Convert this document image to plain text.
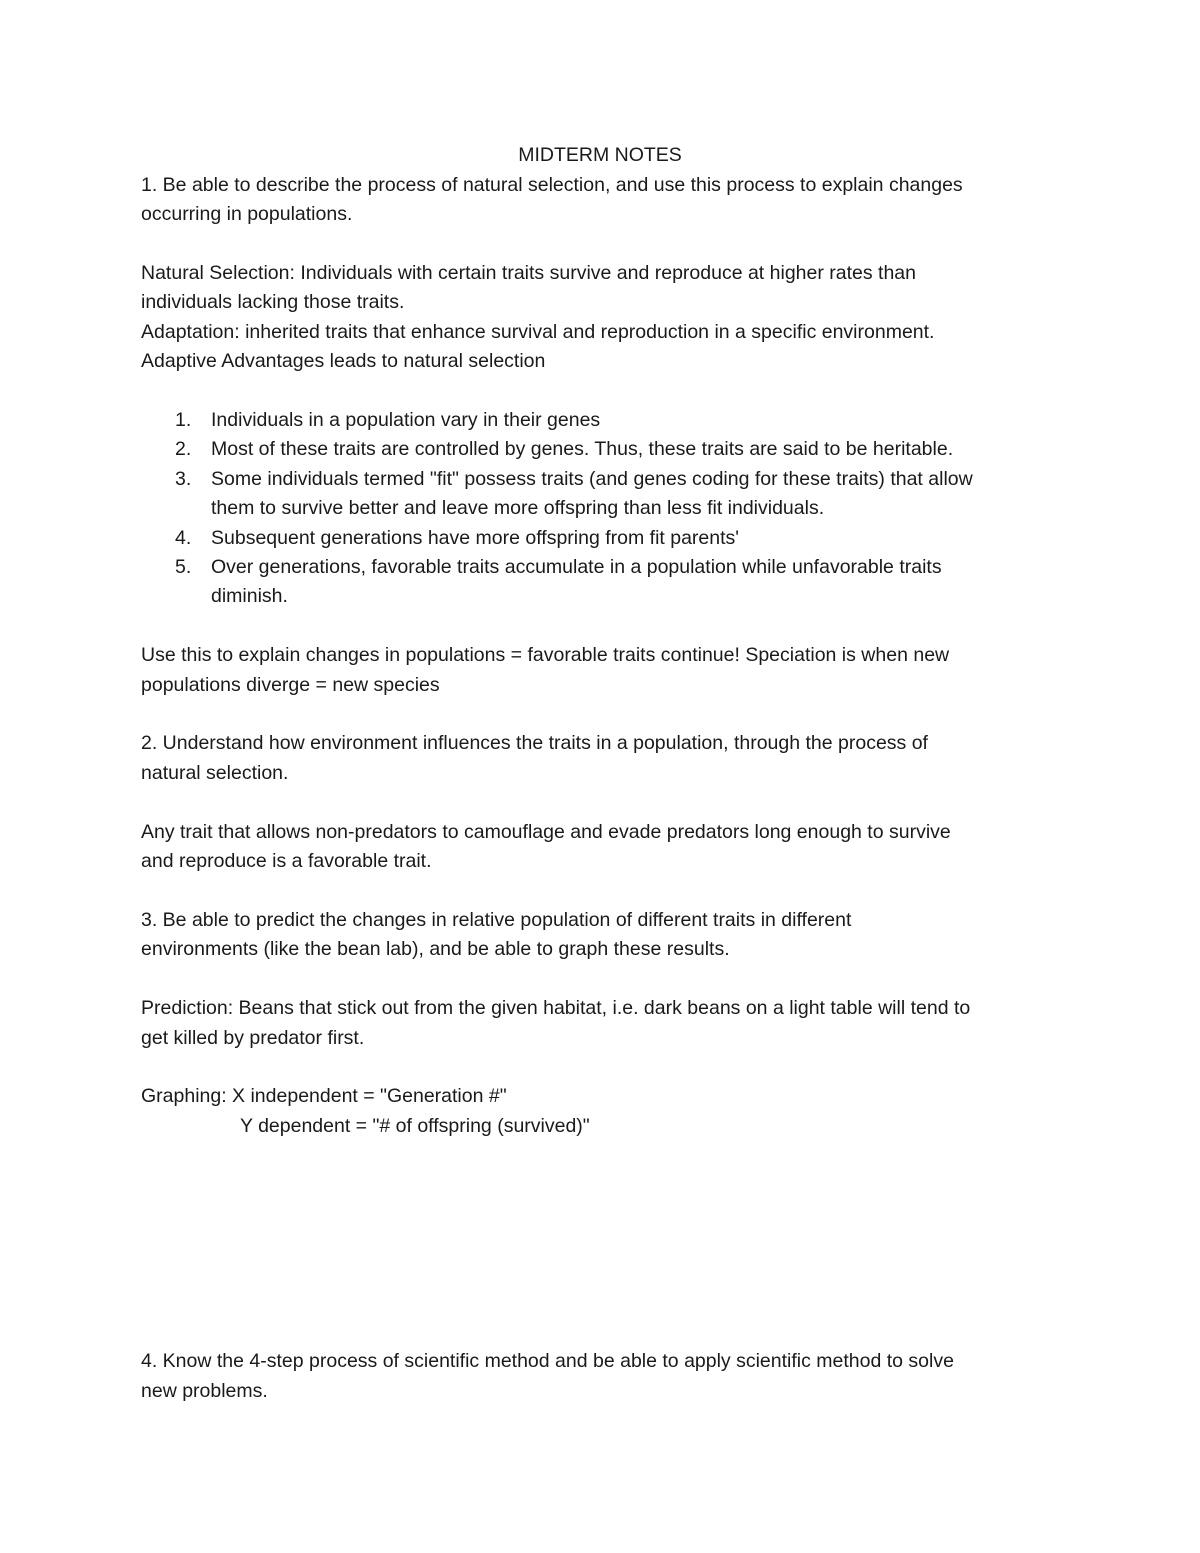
MIDTERM NOTES
1. Be able to describe the process of natural selection, and use this process to explain changes
occurring in populations.
Natural Selection: Individuals with certain traits survive and reproduce at higher rates than
individuals lacking those traits.
Adaptation: inherited traits that enhance survival and reproduction in a specific environment.
Adaptive Advantages leads to natural selection
1. Individuals in a population vary in their genes
2. Most of these traits are controlled by genes. Thus, these traits are said to be heritable.
3. Some individuals termed "fit" possess traits (and genes coding for these traits) that allow
them to survive better and leave more offspring than less fit individuals.
4. Subsequent generations have more offspring from fit parents'
5. Over generations, favorable traits accumulate in a population while unfavorable traits
diminish.
Use this to explain changes in populations = favorable traits continue! Speciation is when new
populations diverge = new species
2. Understand how environment influences the traits in a population, through the process of
natural selection.
Any trait that allows non-predators to camouflage and evade predators long enough to survive
and reproduce is a favorable trait.
3. Be able to predict the changes in relative population of different traits in different
environments (like the bean lab), and be able to graph these results.
Prediction: Beans that stick out from the given habitat, i.e. dark beans on a light table will tend to
get killed by predator first.
Graphing: X independent = "Generation #"
Y dependent = "# of offspring (survived)"
4. Know the 4-step process of scientific method and be able to apply scientific method to solve
new problems.
